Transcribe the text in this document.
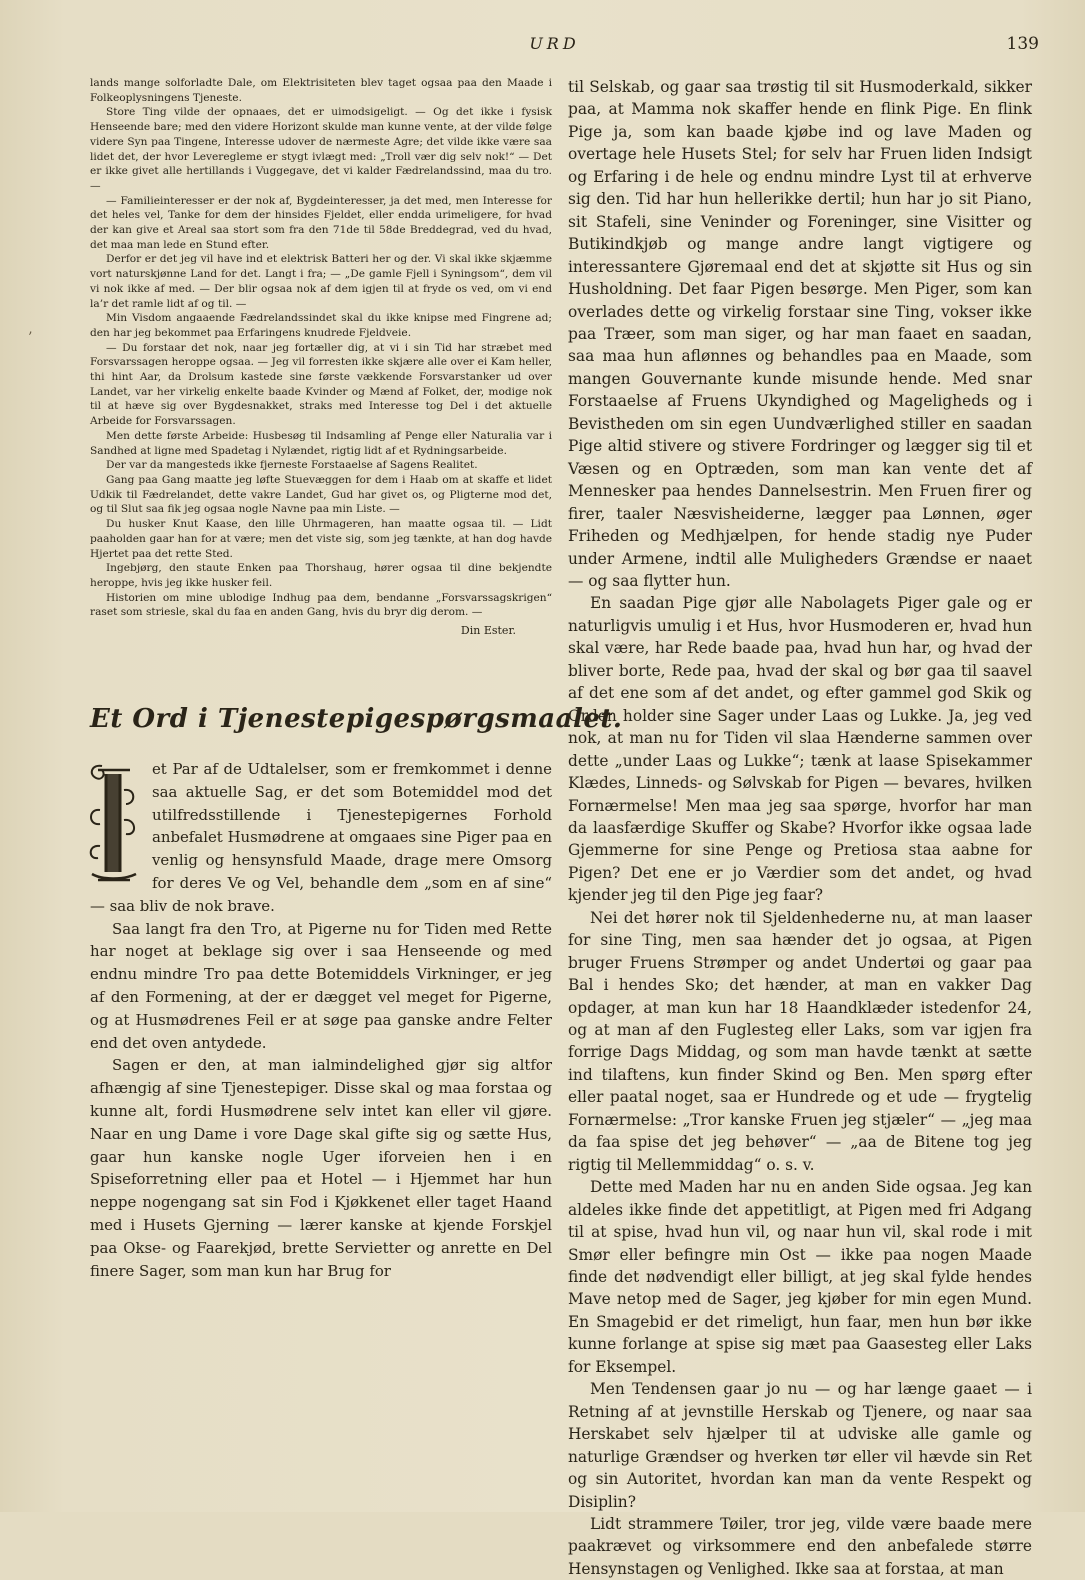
URD	139
’

lands mange solforladte Dale, om Elektrisiteten blev taget ogsaa paa den Maade i Folkeoplysningens Tjeneste.

Store Ting vilde der opnaaes, det er uimodsigeligt. — Og det ikke i fysisk Henseende bare; med den videre Horizont skulde man kunne vente, at der vilde følge videre Syn paa Tingene, Interesse udover de nærmeste Agre; det vilde ikke være saa lidet det, der hvor Leveregleme er stygt ivlægt med: „Troll vær dig selv nok!“ — Det er ikke givet alle hertillands i Vuggegave, det vi kalder Fædrelandssind, maa du tro. —

— Familieinteresser er der nok af, Bygdeinteresser, ja det med, men Interesse for det heles vel, Tanke for dem der hinsides Fjeldet, eller endda urimeligere, for hvad der kan give et Areal saa stort som fra den 71de til 58de Breddegrad, ved du hvad, det maa man lede en Stund efter.

Derfor er det jeg vil have ind et elektrisk Batteri her og der. Vi skal ikke skjæmme vort naturskjønne Land for det. Langt i fra; — „De gamle Fjell i Syningsom“, dem vil vi nok ikke af med. — Der blir ogsaa nok af dem igjen til at fryde os ved, om vi end la’r det ramle lidt af og til. —

Min Visdom angaaende Fædrelandssindet skal du ikke knipse med Fingrene ad; den har jeg bekommet paa Erfaringens knudrede Fjeldveie.

— Du forstaar det nok, naar jeg fortæller dig, at vi i sin Tid har stræbet med Forsvarssagen heroppe ogsaa. — Jeg vil forresten ikke skjære alle over ei Kam heller, thi hint Aar, da Drolsum kastede sine første vækkende Forsvarstanker ud over Landet, var her virkelig enkelte baade Kvinder og Mænd af Folket, der, modige nok til at hæve sig over Bygdesnakket, straks med Interesse tog Del i det aktuelle Arbeide for Forsvarssagen.

Men dette første Arbeide: Husbesøg til Indsamling af Penge eller Naturalia var i Sandhed at ligne med Spadetag i Nylændet, rigtig lidt af et Rydningsarbeide.

Der var da mangesteds ikke fjerneste Forstaaelse af Sagens Realitet.

Gang paa Gang maatte jeg løfte Stuevæggen for dem i Haab om at skaffe et lidet Udkik til Fædrelandet, dette vakre Landet, Gud har givet os, og Pligterne mod det, og til Slut saa fik jeg ogsaa nogle Navne paa min Liste. —

Du husker Knut Kaase, den lille Uhrmageren, han maatte ogsaa til. — Lidt paaholden gaar han for at være; men det viste sig, som jeg tænkte, at han dog havde Hjertet paa det rette Sted.

Ingebjørg, den staute Enken paa Thorshaug, hører ogsaa til dine bekjendte heroppe, hvis jeg ikke husker feil.

Historien om mine ublodige Indhug paa dem, bendanne „Forsvarssagskrigen“ raset som striesle, skal du faa en anden Gang, hvis du bryr dig derom. —

Din Ester.
Et Ord i Tjenestepigespørgsmaalet.

et Par af de Udtalelser, som er fremkommet i denne saa aktuelle Sag, er det som Botemiddel mod det utilfredsstillende i Tjenestepigernes Forhold anbefalet Husmødrene at omgaaes sine Piger paa en venlig og hensynsfuld Maade, drage mere Omsorg for deres Ve og Vel, behandle dem „som en af sine“ — saa bliv de nok brave.

Saa langt fra den Tro, at Pigerne nu for Tiden med Rette har noget at beklage sig over i saa Henseende og med endnu mindre Tro paa dette Botemiddels Virkninger, er jeg af den Formening, at der er dægget vel meget for Pigerne, og at Husmødrenes Feil er at søge paa ganske andre Felter end det oven antydede.

Sagen er den, at man ialmindelighed gjør sig altfor afhængig af sine Tjenestepiger. Disse skal og maa forstaa og kunne alt, fordi Husmødrene selv intet kan eller vil gjøre. Naar en ung Dame i vore Dage skal gifte sig og sætte Hus, gaar hun kanske nogle Uger iforveien hen i en Spiseforretning eller paa et Hotel — i Hjemmet har hun neppe nogengang sat sin Fod i Kjøkkenet eller taget Haand med i Husets Gjerning — lærer kanske at kjende Forskjel paa Okse- og Faarekjød, brette Servietter og anrette en Del finere Sager, som man kun har Brug for

til Selskab, og gaar saa trøstig til sit Husmoderkald, sikker paa, at Mamma nok skaffer hende en flink Pige. En flink Pige ja, som kan baade kjøbe ind og lave Maden og overtage hele Husets Stel; for selv har Fruen liden Indsigt og Erfaring i de hele og endnu mindre Lyst til at erhverve sig den. Tid har hun hellerikke dertil; hun har jo sit Piano, sit Stafeli, sine Veninder og Foreninger, sine Visitter og Butikindkjøb og mange andre langt vigtigere og interessantere Gjøremaal end det at skjøtte sit Hus og sin Husholdning. Det faar Pigen besørge. Men Piger, som kan overlades dette og virkelig forstaar sine Ting, vokser ikke paa Træer, som man siger, og har man faaet en saadan, saa maa hun aflønnes og behandles paa en Maade, som mangen Gouvernante kunde misunde hende. Med snar Forstaaelse af Fruens Ukyndighed og Mageligheds og i Bevistheden om sin egen Uundværlighed stiller en saadan Pige altid stivere og stivere Fordringer og lægger sig til et Væsen og en Optræden, som man kan vente det af Mennesker paa hendes Dannelsestrin. Men Fruen firer og firer, taaler Næsvisheiderne, lægger paa Lønnen, øger Friheden og Medhjælpen, for hende stadig nye Puder under Armene, indtil alle Muligheders Grændse er naaet — og saa flytter hun.

En saadan Pige gjør alle Nabolagets Piger gale og er naturligvis umulig i et Hus, hvor Husmoderen er, hvad hun skal være, har Rede baade paa, hvad hun har, og hvad der bliver borte, Rede paa, hvad der skal og bør gaa til saavel af det ene som af det andet, og efter gammel god Skik og Orden holder sine Sager under Laas og Lukke. Ja, jeg ved nok, at man nu for Tiden vil slaa Hænderne sammen over dette „under Laas og Lukke“; tænk at laase Spisekammer Klædes, Linneds- og Sølvskab for Pigen — bevares, hvilken Fornærmelse! Men maa jeg saa spørge, hvorfor har man da laasfærdige Skuffer og Skabe? Hvorfor ikke ogsaa lade Gjemmerne for sine Penge og Pretiosa staa aabne for Pigen? Det ene er jo Værdier som det andet, og hvad kjender jeg til den Pige jeg faar?

Nei det hører nok til Sjeldenhederne nu, at man laaser for sine Ting, men saa hænder det jo ogsaa, at Pigen bruger Fruens Strømper og andet Undertøi og gaar paa Bal i hendes Sko; det hænder, at man en vakker Dag opdager, at man kun har 18 Haandklæder istedenfor 24, og at man af den Fuglesteg eller Laks, som var igjen fra forrige Dags Middag, og som man havde tænkt at sætte ind tilaftens, kun finder Skind og Ben. Men spørg efter eller paatal noget, saa er Hundrede og et ude — frygtelig Fornærmelse: „Tror kanske Fruen jeg stjæler“ — „jeg maa da faa spise det jeg behøver“ — „aa de Bitene tog jeg rigtig til Mellemmiddag“ o. s. v.

Dette med Maden har nu en anden Side ogsaa. Jeg kan aldeles ikke finde det appetitligt, at Pigen med fri Adgang til at spise, hvad hun vil, og naar hun vil, skal rode i mit Smør eller befingre min Ost — ikke paa nogen Maade finde det nødvendigt eller billigt, at jeg skal fylde hendes Mave netop med de Sager, jeg kjøber for min egen Mund. En Smagebid er det rimeligt, hun faar, men hun bør ikke kunne forlange at spise sig mæt paa Gaasesteg eller Laks for Eksempel.

Men Tendensen gaar jo nu — og har længe gaaet — i Retning af at jevnstille Herskab og Tjenere, og naar saa Herskabet selv hjælper til at udviske alle gamle og naturlige Grændser og hverken tør eller vil hævde sin Ret og sin Autoritet, hvordan kan man da vente Respekt og Disiplin?

Lidt strammere Tøiler, tror jeg, vilde være baade mere paakrævet og virksommere end den anbefalede større Hensynstagen og Venlighed. Ikke saa at forstaa, at man
